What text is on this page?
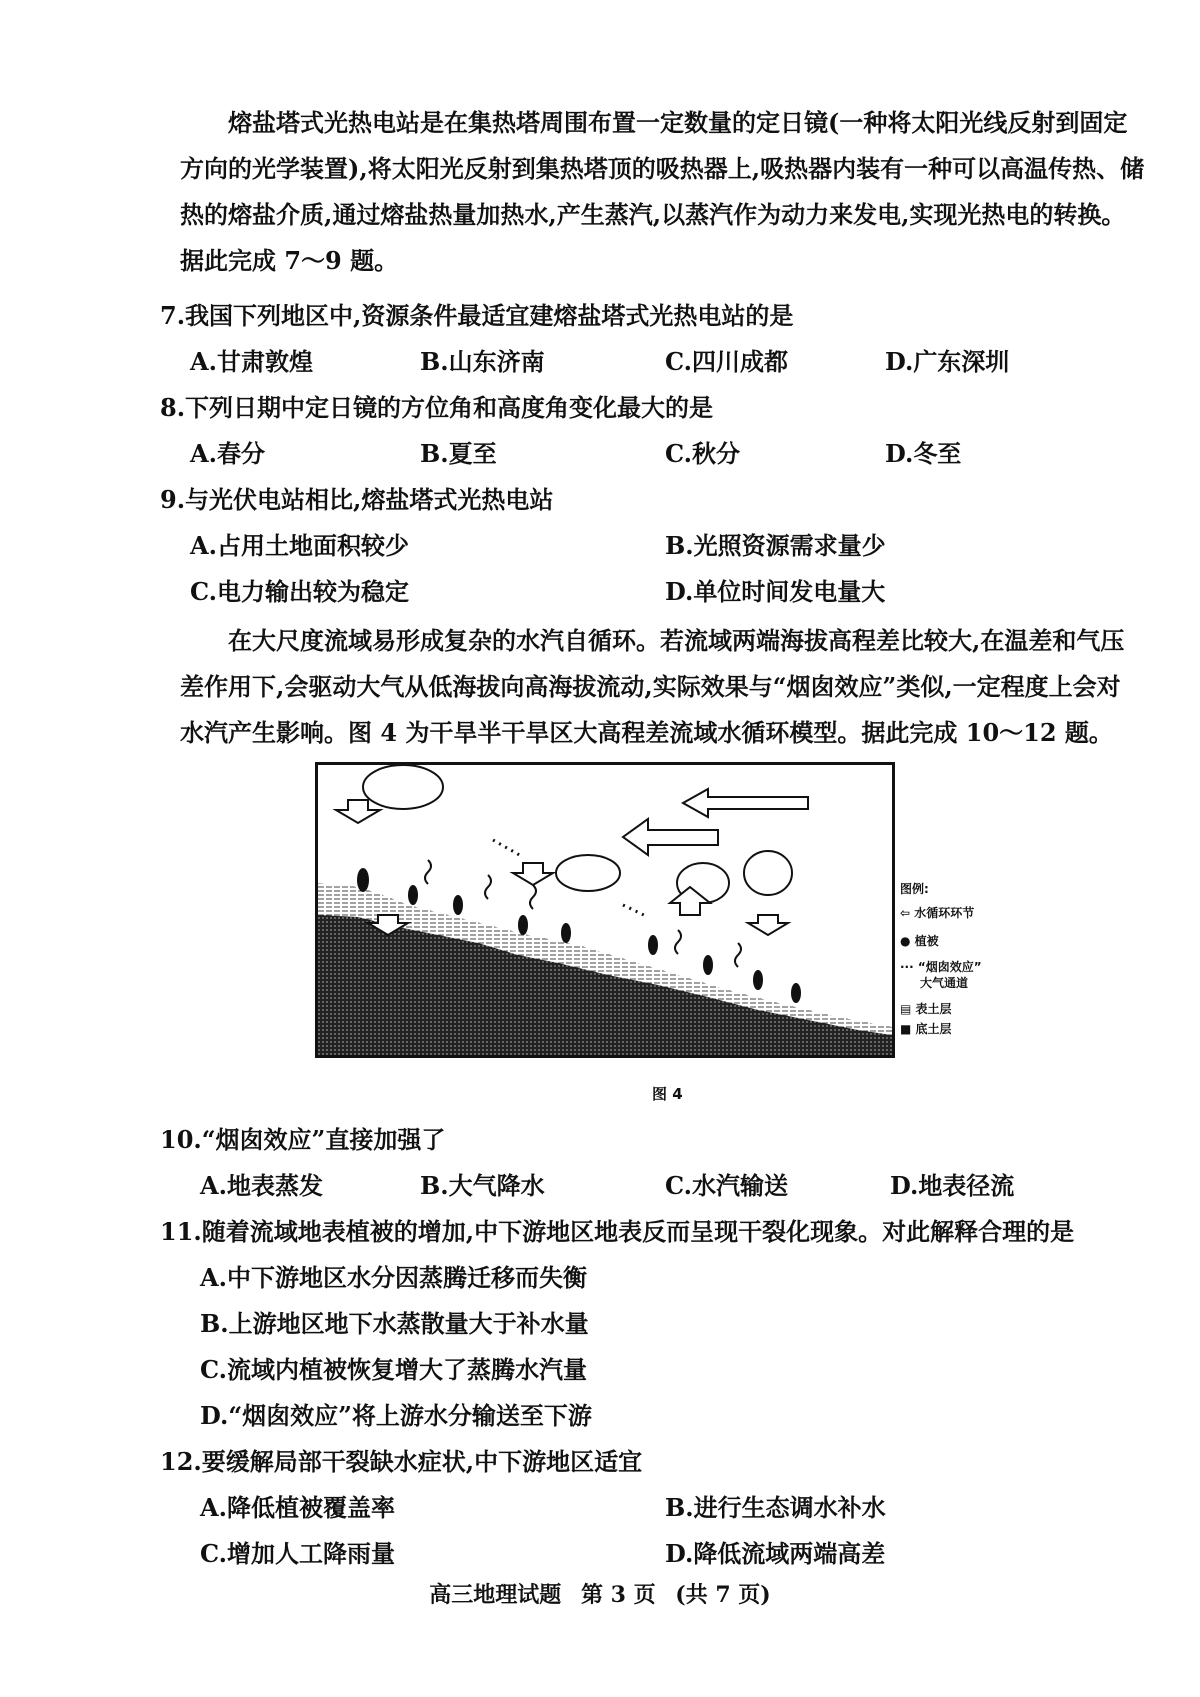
熔盐塔式光热电站是在集热塔周围布置一定数量的定日镜(一种将太阳光线反射到固定
方向的光学装置),将太阳光反射到集热塔顶的吸热器上,吸热器内装有一种可以高温传热、储
热的熔盐介质,通过熔盐热量加热水,产生蒸汽,以蒸汽作为动力来发电,实现光热电的转换。
据此完成 7～9 题。
7.我国下列地区中,资源条件最适宜建熔盐塔式光热电站的是
A.甘肃敦煌	B.山东济南	C.四川成都	D.广东深圳
8.下列日期中定日镜的方位角和高度角变化最大的是
A.春分	B.夏至	C.秋分	D.冬至
9.与光伏电站相比,熔盐塔式光热电站
A.占用土地面积较少	B.光照资源需求量少
C.电力输出较为稳定	D.单位时间发电量大
在大尺度流域易形成复杂的水汽自循环。若流域两端海拔高程差比较大,在温差和气压
差作用下,会驱动大气从低海拔向高海拔流动,实际效果与“烟囱效应”类似,一定程度上会对
水汽产生影响。图 4 为干旱半干旱区大高程差流域水循环模型。据此完成 10～12 题。
图例:
⇦ 水循环环节
● 植被
··· “烟囱效应”
大气通道
▤ 表土层
■ 底土层
图 4
10.“烟囱效应”直接加强了
A.地表蒸发	B.大气降水	C.水汽输送	D.地表径流
11.随着流域地表植被的增加,中下游地区地表反而呈现干裂化现象。对此解释合理的是
A.中下游地区水分因蒸腾迁移而失衡
B.上游地区地下水蒸散量大于补水量
C.流域内植被恢复增大了蒸腾水汽量
D.“烟囱效应”将上游水分输送至下游
12.要缓解局部干裂缺水症状,中下游地区适宜
A.降低植被覆盖率	B.进行生态调水补水
C.增加人工降雨量	D.降低流域两端高差
高三地理试题 第 3 页 (共 7 页)
